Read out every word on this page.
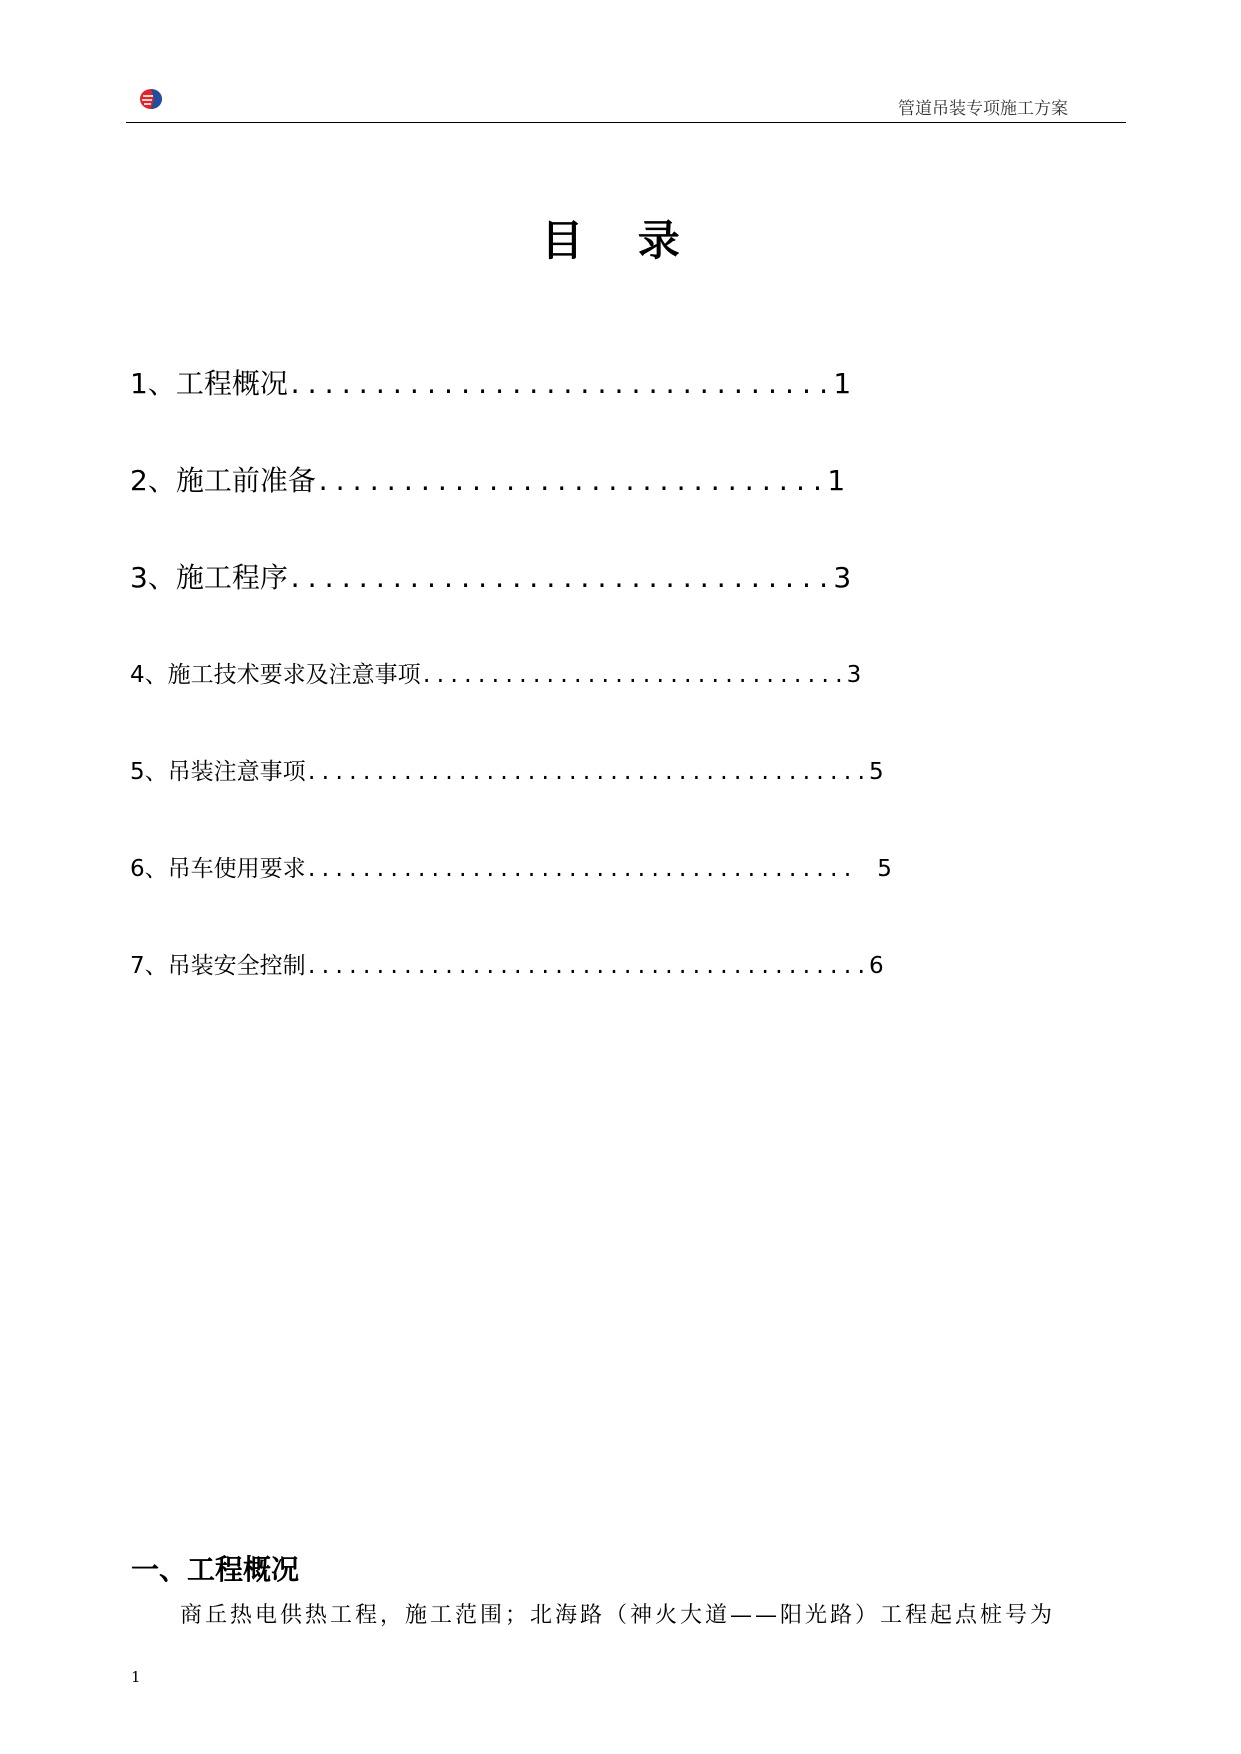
管道吊装专项施工方案
目 录
1、工程概况 ................................ 1
2、施工前准备 .............................. 1
3、施工程序 ................................ 3
4、施工技术要求及注意事项 ............................... 3
5、吊装注意事项 ......................................... 5
6、吊车使用要求 ........................................ 5
7、吊装安全控制 ......................................... 6
一、工程概况
商丘热电供热工程，施工范围；北海路（神火大道——阳光路）工程起点桩号为
1
